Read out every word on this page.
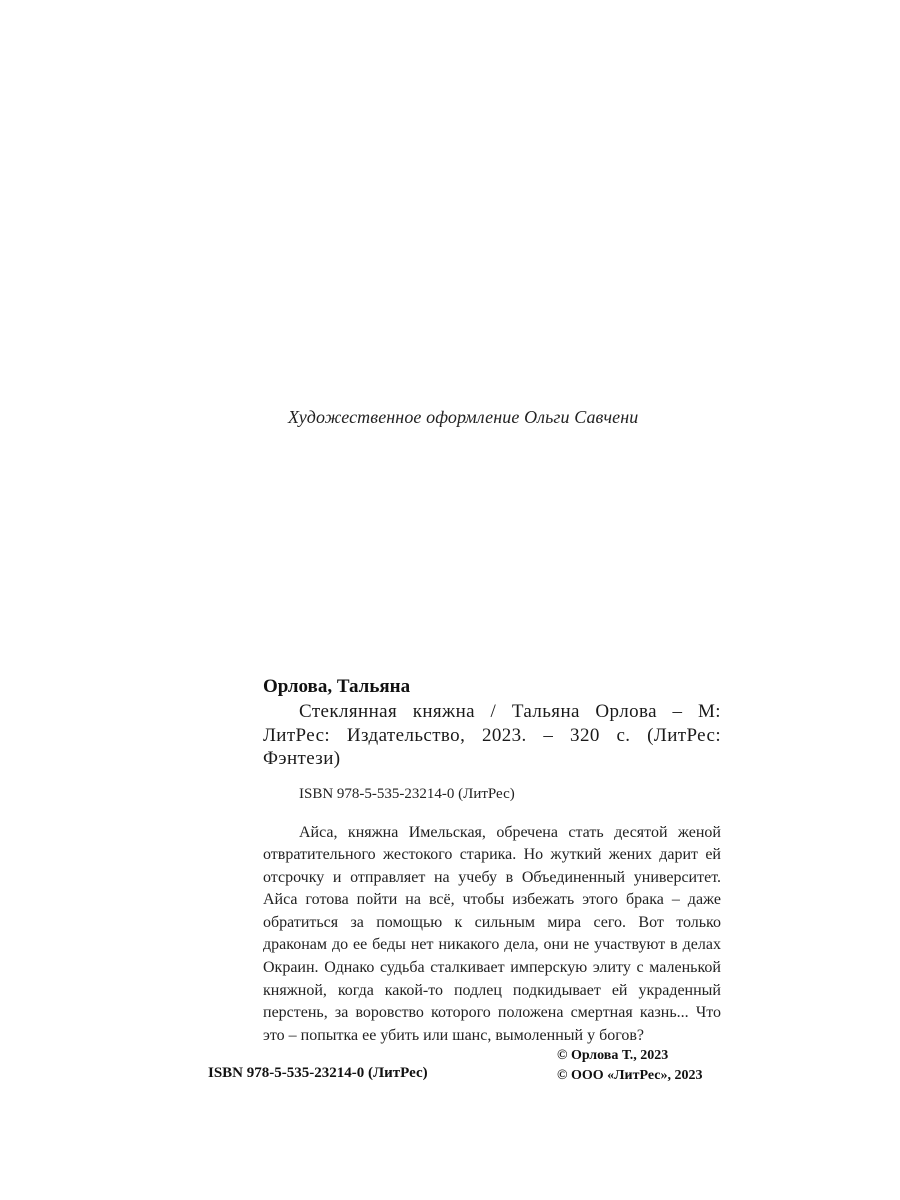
Художественное оформление Ольги Савчени

Орлова, Тальяна

Стеклянная княжна / Тальяна Орлова – М: ЛитРес: Издательство, 2023. – 320 с. (ЛитРес: Фэнтези)

ISBN 978-5-535-23214-0 (ЛитРес)

Айса, княжна Имельская, обречена стать десятой женой отвратительного жестокого старика. Но жуткий жених дарит ей отсрочку и отправляет на учебу в Объединенный университет. Айса готова пойти на всё, чтобы избежать этого брака – даже обратиться за помощью к сильным мира сего. Вот только драконам до ее беды нет никакого дела, они не участвуют в делах Окраин. Однако судьба сталкивает имперскую элиту с маленькой княжной, когда какой-то подлец подкидывает ей украденный перстень, за воровство которого положена смертная казнь... Что это – попытка ее убить или шанс, вымоленный у богов?

ISBN 978-5-535-23214-0 (ЛитРес)
© Орлова Т., 2023
© ООО «ЛитРес», 2023
